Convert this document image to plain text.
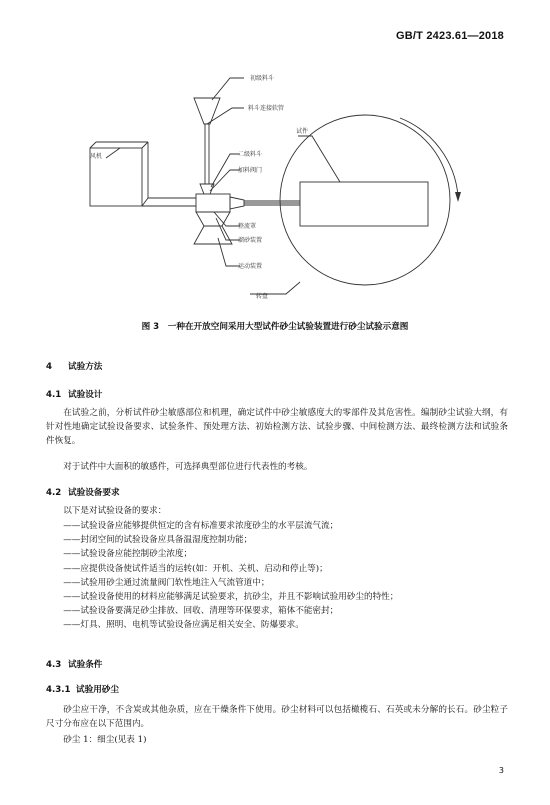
GB/T 2423.61—2018
初级料斗
料斗连接软管
试件
风机	二级料斗
加料阀门
整流罩
溜砂装置
运动装置
转盘
图 3　一种在开放空间采用大型试件砂尘试验装置进行砂尘试验示意图
4 试验方法
4.1 试验设计
在试验之前，分析试件砂尘敏感部位和机理，确定试件中砂尘敏感度大的零部件及其危害性。编制砂尘试验大纲，有针对性地确定试验设备要求、试验条件、预处理方法、初始检测方法、试验步骤、中间检测方法、最终检测方法和试验条件恢复。
对于试件中大面积的敏感件，可选择典型部位进行代表性的考核。
4.2 试验设备要求
以下是对试验设备的要求：
——试验设备应能够提供恒定的含有标准要求浓度砂尘的水平层流气流；
——封闭空间的试验设备应具备温湿度控制功能；
——试验设备应能控制砂尘浓度；
——应提供设备使试件适当的运转(如：开机、关机、启动和停止等)；
——试验用砂尘通过流量阀门软性地注入气流管道中；
——试验设备使用的材料应能够满足试验要求，抗砂尘，并且不影响试验用砂尘的特性；
——试验设备要满足砂尘排放、回收、清理等环保要求，箱体不能密封；
——灯具、照明、电机等试验设备应满足相关安全、防爆要求。
4.3 试验条件
4.3.1 试验用砂尘
砂尘应干净，不含炭或其他杂质，应在干燥条件下使用。砂尘材料可以包括橄榄石、石英或未分解的长石。砂尘粒子尺寸分布应在以下范围内。
砂尘 1：细尘(见表 1)
3
